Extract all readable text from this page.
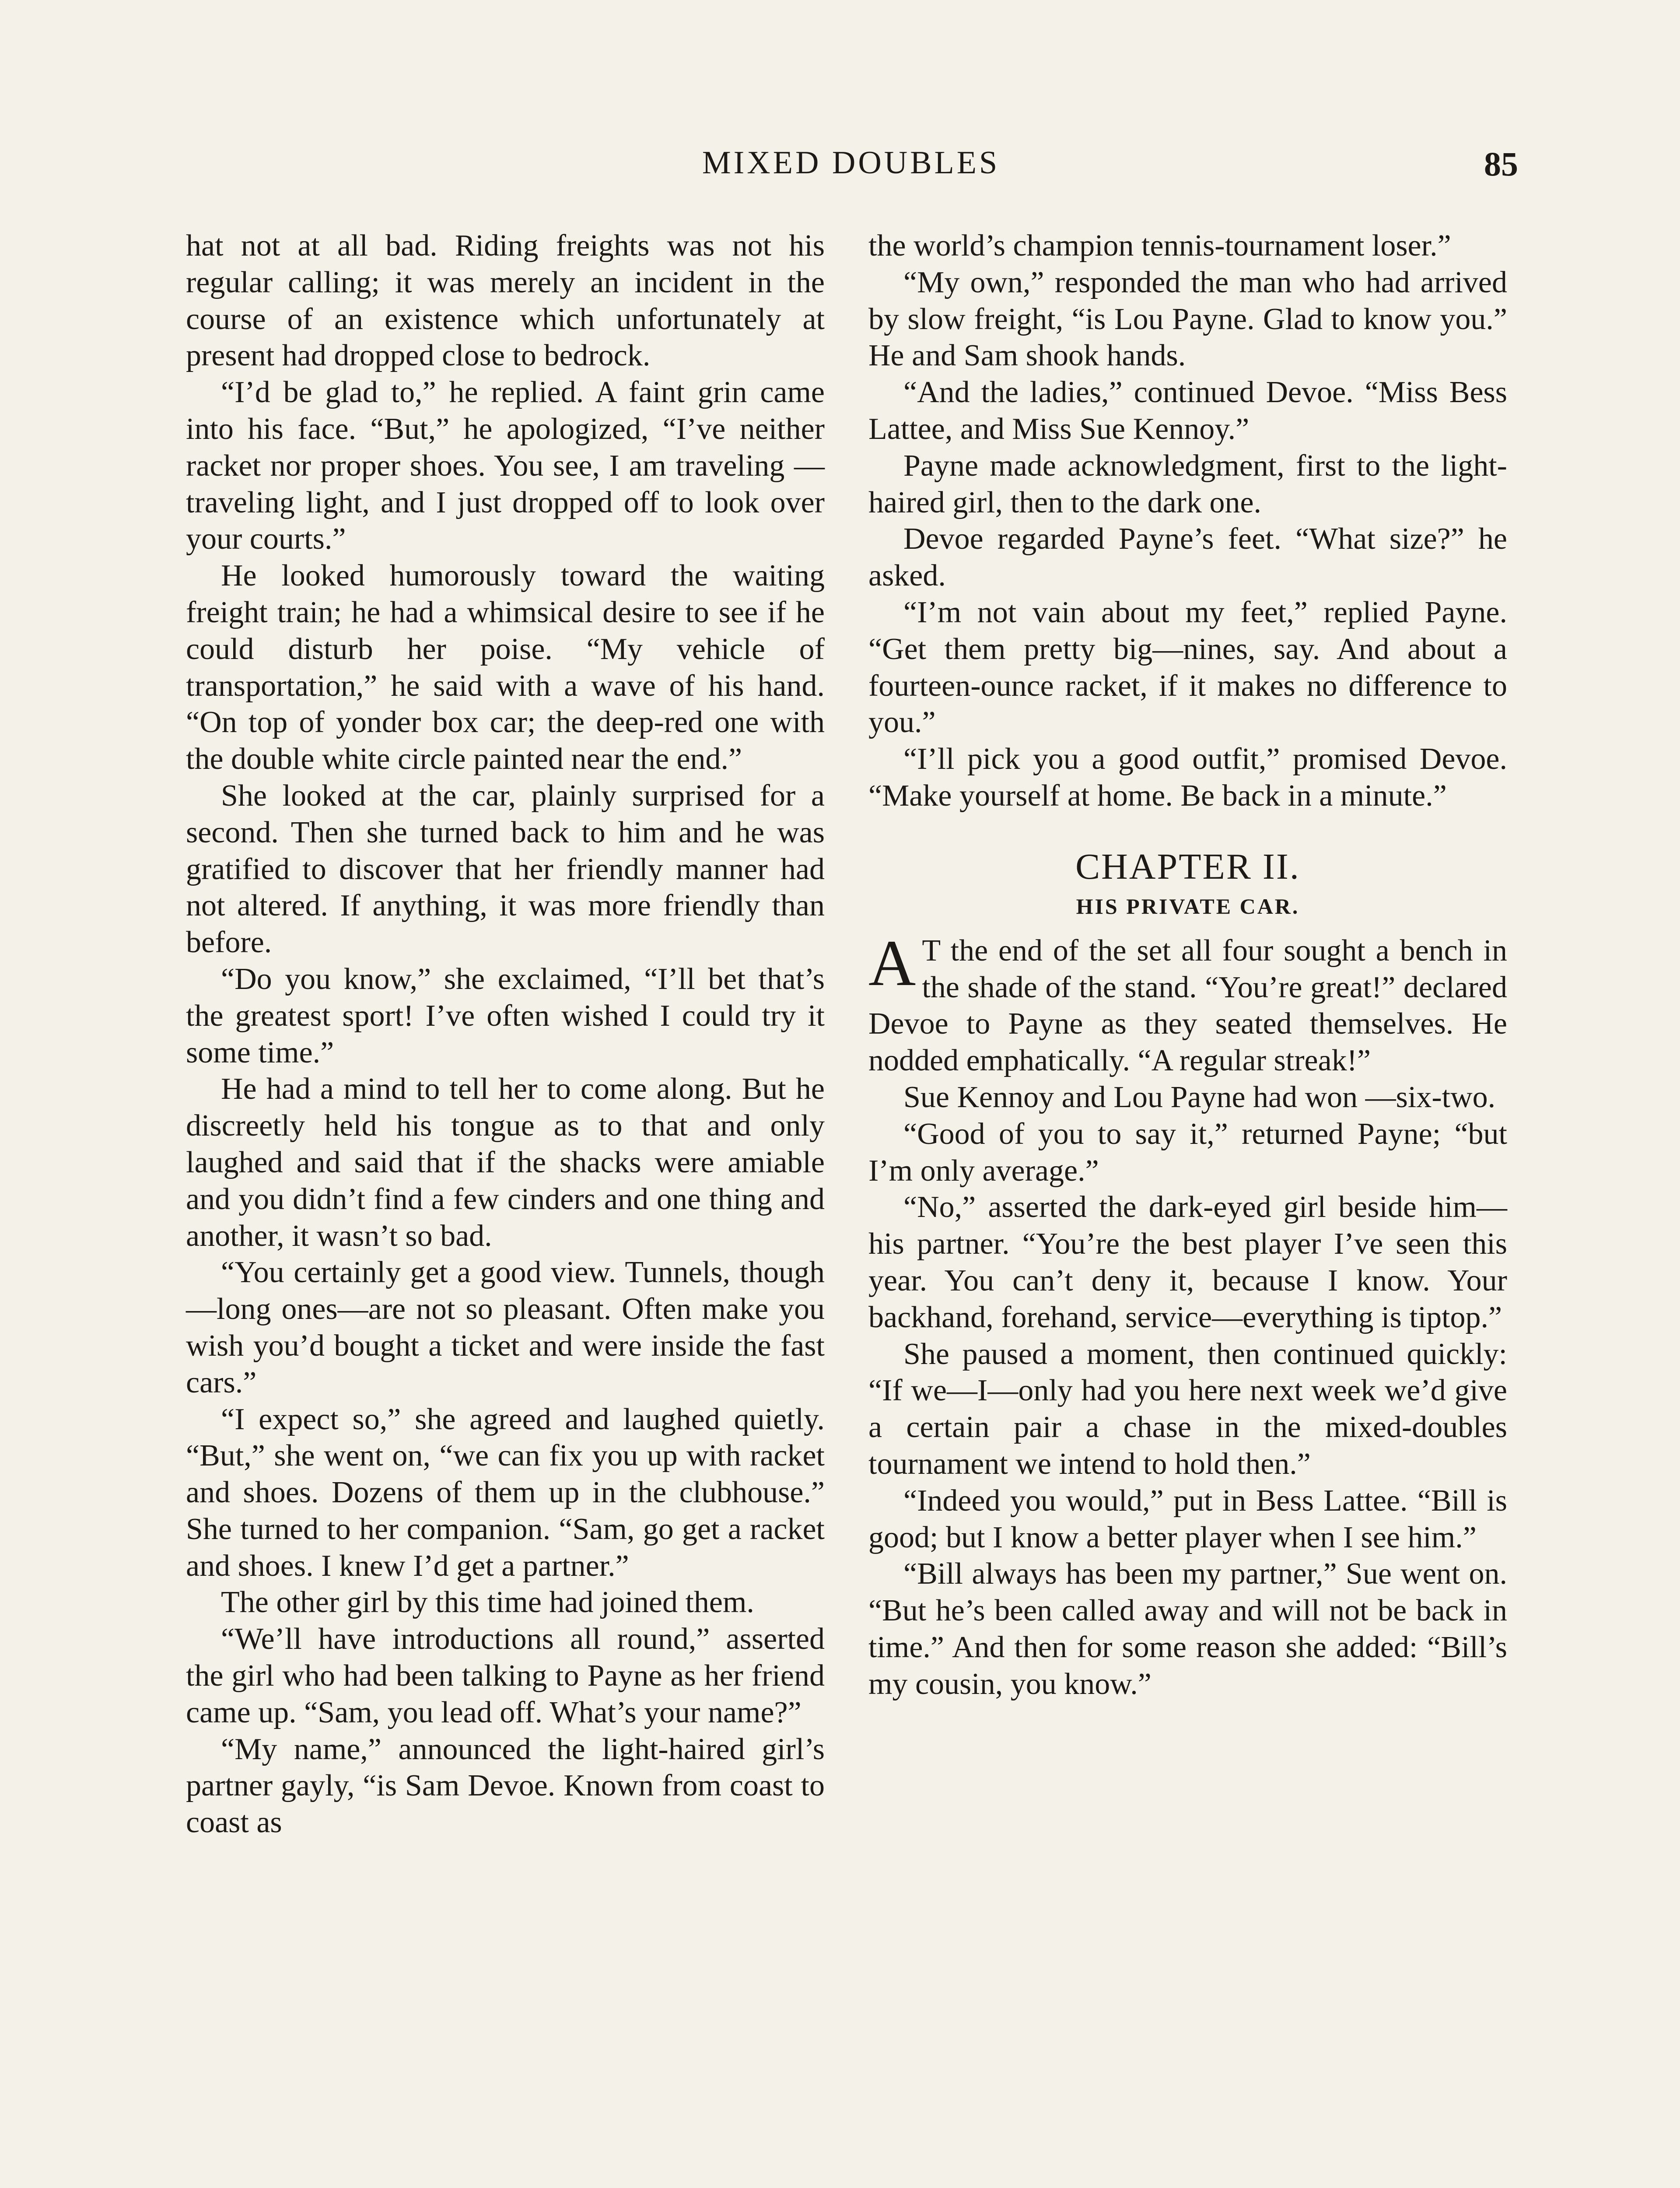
MIXED DOUBLES	85

hat not at all bad. Riding freights was not his regular calling; it was merely an incident in the course of an existence which unfortunately at present had dropped close to bedrock.

“I’d be glad to,” he replied. A faint grin came into his face. “But,” he apologized, “I’ve neither racket nor proper shoes. You see, I am traveling —traveling light, and I just dropped off to look over your courts.”

He looked humorously toward the waiting freight train; he had a whimsical desire to see if he could disturb her poise. “My vehicle of transportation,” he said with a wave of his hand. “On top of yonder box car; the deep-red one with the double white circle painted near the end.”

She looked at the car, plainly surprised for a second. Then she turned back to him and he was gratified to discover that her friendly manner had not altered. If anything, it was more friendly than before.

“Do you know,” she exclaimed, “I’ll bet that’s the greatest sport! I’ve often wished I could try it some time.”

He had a mind to tell her to come along. But he discreetly held his tongue as to that and only laughed and said that if the shacks were amiable and you didn’t find a few cinders and one thing and another, it wasn’t so bad.

“You certainly get a good view. Tunnels, though—long ones—are not so pleasant. Often make you wish you’d bought a ticket and were inside the fast cars.”

“I expect so,” she agreed and laughed quietly. “But,” she went on, “we can fix you up with racket and shoes. Dozens of them up in the clubhouse.” She turned to her companion. “Sam, go get a racket and shoes. I knew I’d get a partner.”

The other girl by this time had joined them.

“We’ll have introductions all round,” asserted the girl who had been talking to Payne as her friend came up. “Sam, you lead off. What’s your name?”

“My name,” announced the light-haired girl’s partner gayly, “is Sam Devoe. Known from coast to coast as

the world’s champion tennis-tournament loser.”

“My own,” responded the man who had arrived by slow freight, “is Lou Payne. Glad to know you.” He and Sam shook hands.

“And the ladies,” continued Devoe. “Miss Bess Lattee, and Miss Sue Kennoy.”

Payne made acknowledgment, first to the light-haired girl, then to the dark one.

Devoe regarded Payne’s feet. “What size?” he asked.

“I’m not vain about my feet,” replied Payne. “Get them pretty big—nines, say. And about a fourteen-ounce racket, if it makes no difference to you.”

“I’ll pick you a good outfit,” promised Devoe. “Make yourself at home. Be back in a minute.”

CHAPTER II.
HIS PRIVATE CAR.

A T the end of the set all four sought a bench in the shade of the stand. “You’re great!” declared Devoe to Payne as they seated themselves. He nodded emphatically. “A regular streak!”

Sue Kennoy and Lou Payne had won —six-two.

“Good of you to say it,” returned Payne; “but I’m only average.”

“No,” asserted the dark-eyed girl beside him—his partner. “You’re the best player I’ve seen this year. You can’t deny it, because I know. Your backhand, forehand, service—everything is tiptop.”

She paused a moment, then continued quickly: “If we—I—only had you here next week we’d give a certain pair a chase in the mixed-doubles tournament we intend to hold then.”

“Indeed you would,” put in Bess Lattee. “Bill is good; but I know a better player when I see him.”

“Bill always has been my partner,” Sue went on. “But he’s been called away and will not be back in time.” And then for some reason she added: “Bill’s my cousin, you know.”
